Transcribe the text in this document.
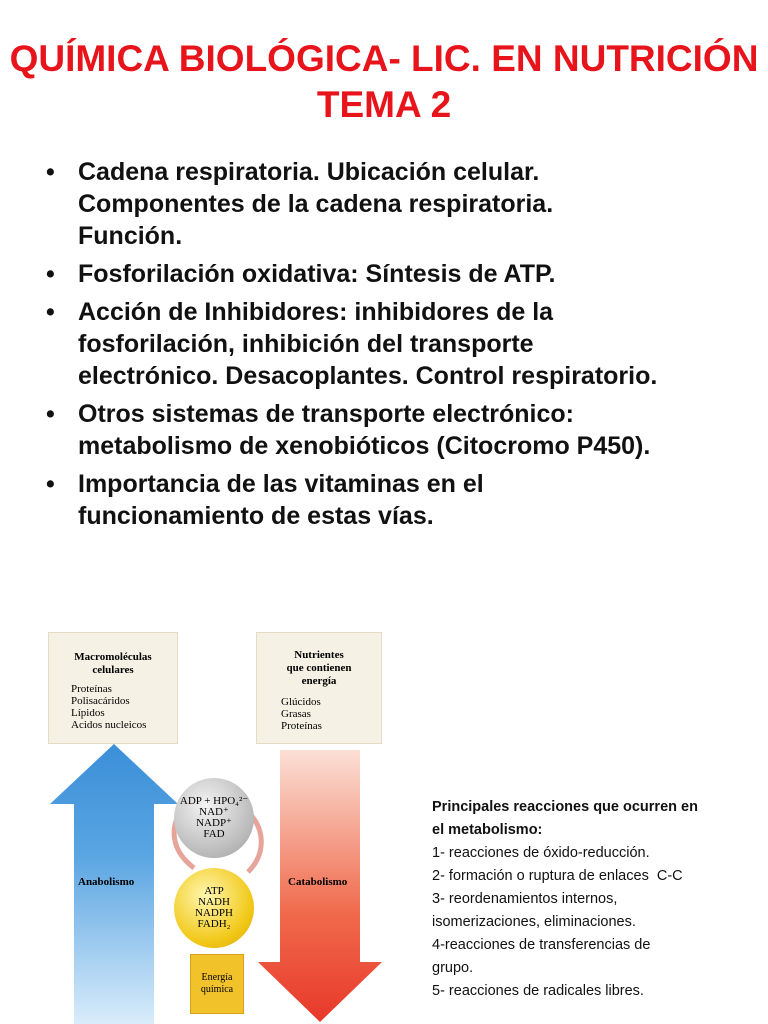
QUÍMICA BIOLÓGICA- LIC. EN NUTRICIÓN
TEMA 2
• Cadena respiratoria. Ubicación celular.
Componentes de la cadena respiratoria.
Función.
• Fosforilación oxidativa: Síntesis de ATP.
• Acción de Inhibidores: inhibidores de la
fosforilación, inhibición del transporte
electrónico. Desacoplantes. Control respiratorio.
• Otros sistemas de transporte electrónico:
metabolismo de xenobióticos (Citocromo P450).
• Importancia de las vitaminas en el
funcionamiento de estas vías.
Macromoléculas
celulares
Proteínas
Polisacáridos
Lípidos
Acidos nucleicos
Nutrientes
que contienen
energía
Glúcidos
Grasas
Proteínas
ADP + HPO₄²⁻
NAD⁺
NADP⁺
FAD
ATP
NADH
NADPH
FADH₂
Energía
química
Anabolismo	Catabolismo
Principales reacciones que ocurren en
el metabolismo:
1- reacciones de óxido-reducción.
2- formación o ruptura de enlaces  C-C
3- reordenamientos internos,
isomerizaciones, eliminaciones.
4-reacciones de transferencias de
grupo.
5- reacciones de radicales libres.
